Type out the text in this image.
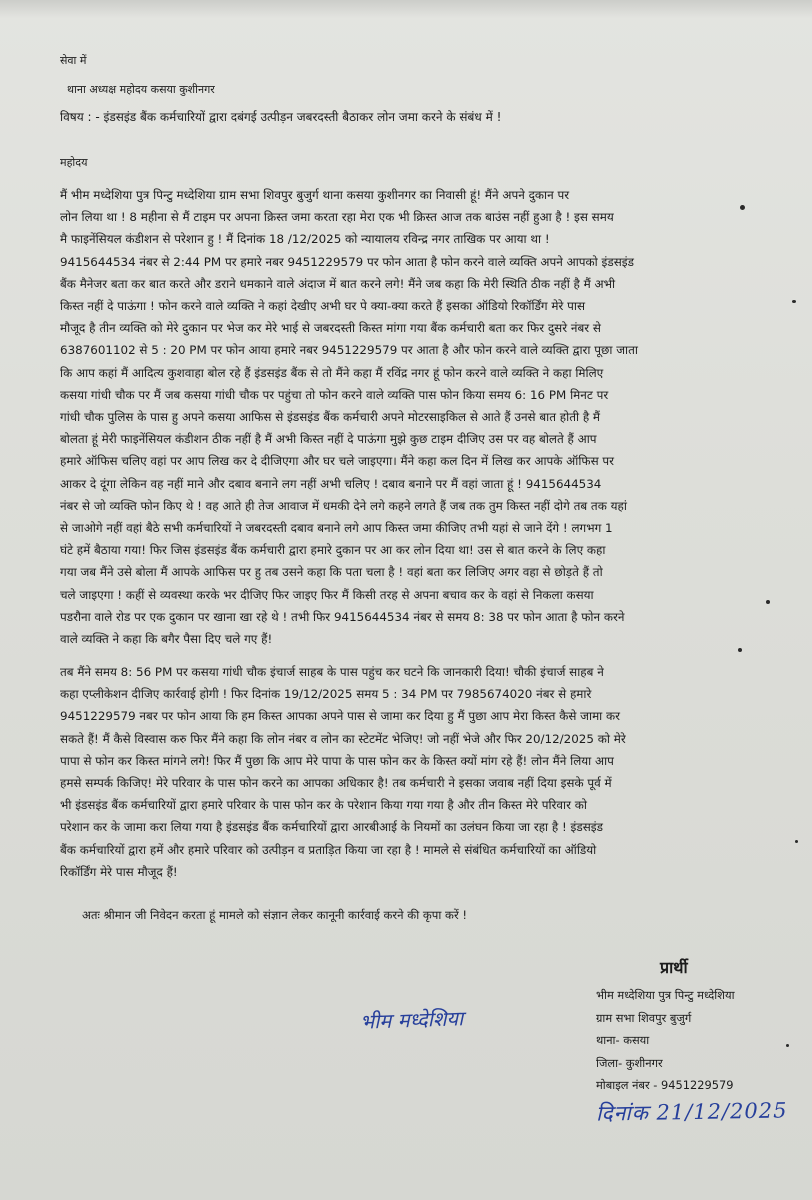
सेवा में
थाना अध्यक्ष महोदय कसया कुशीनगर
विषय : - इंडसइंड बैंक कर्मचारियों द्वारा दबंगई उत्पीड़न जबरदस्ती बैठाकर लोन जमा करने के संबंध में !
महोदय
मैं भीम मध्देशिया पुत्र पिन्टु मध्देशिया ग्राम सभा शिवपुर बुजुर्ग थाना कसया कुशीनगर का निवासी हूं! मैंने अपने दुकान पर
लोन लिया था ! 8 महीना से मैं टाइम पर अपना क्रिस्त जमा करता रहा मेरा एक भी क्रिस्त आज तक बाउंस नहीं हुआ है ! इस समय
मै फाइनेंसियल कंडीशन से परेशान हु ! मैं दिनांक 18 /12/2025 को न्यायालय रविन्द्र नगर ताखिक पर आया था !
9415644534 नंबर से 2:44 PM पर हमारे नबर 9451229579 पर फोन आता है फोन करने वाले व्यक्ति अपने आपको इंडसइंड
बैंक मैनेजर बता कर बात करते और डराने धमकाने वाले अंदाज में बात करने लगे! मैंने जब कहा कि मेरी स्थिति ठीक नहीं है मैं अभी
किस्त नहीं दे पाऊंगा ! फोन करने वाले व्यक्ति ने कहां देखीए अभी घर पे क्या-क्या करते हैं इसका ऑडियो रिकॉर्डिंग मेरे पास
मौजूद है तीन व्यक्ति को मेरे दुकान पर भेज कर मेरे भाई से जबरदस्ती किस्त मांगा गया बैंक कर्मचारी बता कर फिर दुसरे नंबर से
6387601102 से 5 : 20 PM पर फोन आया हमारे नबर 9451229579 पर आता है और फोन करने वाले व्यक्ति द्वारा पूछा जाता
कि आप कहां मैं आदित्य कुशवाहा बोल रहे हैं इंडसइंड बैंक से तो मैंने कहा मैं रविंद्र नगर हूं फोन करने वाले व्यक्ति ने कहा मिलिए
कसया गांधी चौक पर मैं जब कसया गांधी चौक पर पहुंचा तो फोन करने वाले व्यक्ति पास फोन किया समय 6: 16 PM मिनट पर
गांधी चौक पुलिस के पास हु अपने कसया आफिस से इंडसइंड बैंक कर्मचारी अपने मोटरसाइकिल से आते हैं उनसे बात होती है मैं
बोलता हूं मेरी फाइनेंसियल कंडीशन ठीक नहीं है मैं अभी किस्त नहीं दे पाऊंगा मुझे कुछ टाइम दीजिए उस पर वह बोलते हैं आप
हमारे ऑफिस चलिए वहां पर आप लिख कर दे दीजिएगा और घर चले जाइएगा। मैंने कहा कल दिन में लिख कर आपके ऑफिस पर
आकर दे दूंगा लेकिन वह नहीं माने और दबाव बनाने लग नहीं अभी चलिए ! दबाव बनाने पर मैं वहां जाता हूं ! 9415644534
नंबर से जो व्यक्ति फोन किए थे ! वह आते ही तेज आवाज में धमकी देने लगे कहने लगते हैं जब तक तुम किस्त नहीं दोगे तब तक यहां
से जाओगे नहीं वहां बैठे सभी कर्मचारियों ने जबरदस्ती दबाव बनाने लगे आप किस्त जमा कीजिए तभी यहां से जाने देंगे ! लगभग 1
घंटे हमें बैठाया गया! फिर जिस इंडसइंड बैंक कर्मचारी द्वारा हमारे दुकान पर आ कर लोन दिया था! उस से बात करने के लिए कहा
गया जब मैंने उसे बोला मैं आपके आफिस पर हु तब उसने कहा कि पता चला है ! वहां बता कर लिजिए अगर वहा से छोड़ते हैं तो
चले जाइएगा ! कहीं से व्यवस्था करके भर दीजिए फिर जाइए फिर मैं किसी तरह से अपना बचाव कर के वहां से निकला कसया
पडरौना वाले रोड पर एक दुकान पर खाना खा रहे थे ! तभी फिर 9415644534 नंबर से समय 8: 38 पर फोन आता है फोन करने
वाले व्यक्ति ने कहा कि बगैर पैसा दिए चले गए हैं!
तब मैंने समय 8: 56 PM पर कसया गांधी चौक इंचार्ज साहब के पास पहुंच कर घटने कि जानकारी दिया! चौकी इंचार्ज साहब ने
कहा एप्लीकेशन दीजिए कार्रवाई होगी ! फिर दिनांक 19/12/2025 समय 5 : 34 PM पर 7985674020 नंबर से हमारे
9451229579 नबर पर फोन आया कि हम किस्त आपका अपने पास से जामा कर दिया हु मैं पुछा आप मेरा किस्त कैसे जामा कर
सकते हैं! मैं कैसे विस्वास करु फिर मैंने कहा कि लोन नंबर व लोन का स्टेटमेंट भेजिए! जो नहीं भेजे और फिर 20/12/2025 को मेरे
पापा से फोन कर किस्त मांगने लगे! फिर मैं पुछा कि आप मेरे पापा के पास फोन कर के किस्त क्यों मांग रहे हैं! लोन मैंने लिया आप
हमसे सम्पर्क किजिए! मेरे परिवार के पास फोन करने का आपका अधिकार है! तब कर्मचारी ने इसका जवाब नहीं दिया इसके पूर्व में
भी इंडसइंड बैंक कर्मचारियों द्वारा हमारे परिवार के पास फोन कर के परेशान किया गया गया है और तीन किस्त मेरे परिवार को
परेशान कर के जामा करा लिया गया है इंडसइंड बैंक कर्मचारियों द्वारा आरबीआई के नियमों का उलंघन किया जा रहा है ! इंडसइंड
बैंक कर्मचारियों द्वारा हमें और हमारे परिवार को उत्पीड़न व प्रताड़ित किया जा रहा है ! मामले से संबंधित कर्मचारियों का ऑडियो
रिकॉर्डिंग मेरे पास मौजूद हैं!
अतः श्रीमान जी निवेदन करता हूं मामले को संज्ञान लेकर कानूनी कार्रवाई करने की कृपा करें !
प्रार्थी
भीम मध्देशिया पुत्र पिन्टु मध्देशिया
ग्राम सभा शिवपुर बुजुर्ग
थाना- कसया
जिला- कुशीनगर
मोबाइल नंबर - 9451229579
भीम मध्देशिया
दिनांक 21/12/2025
